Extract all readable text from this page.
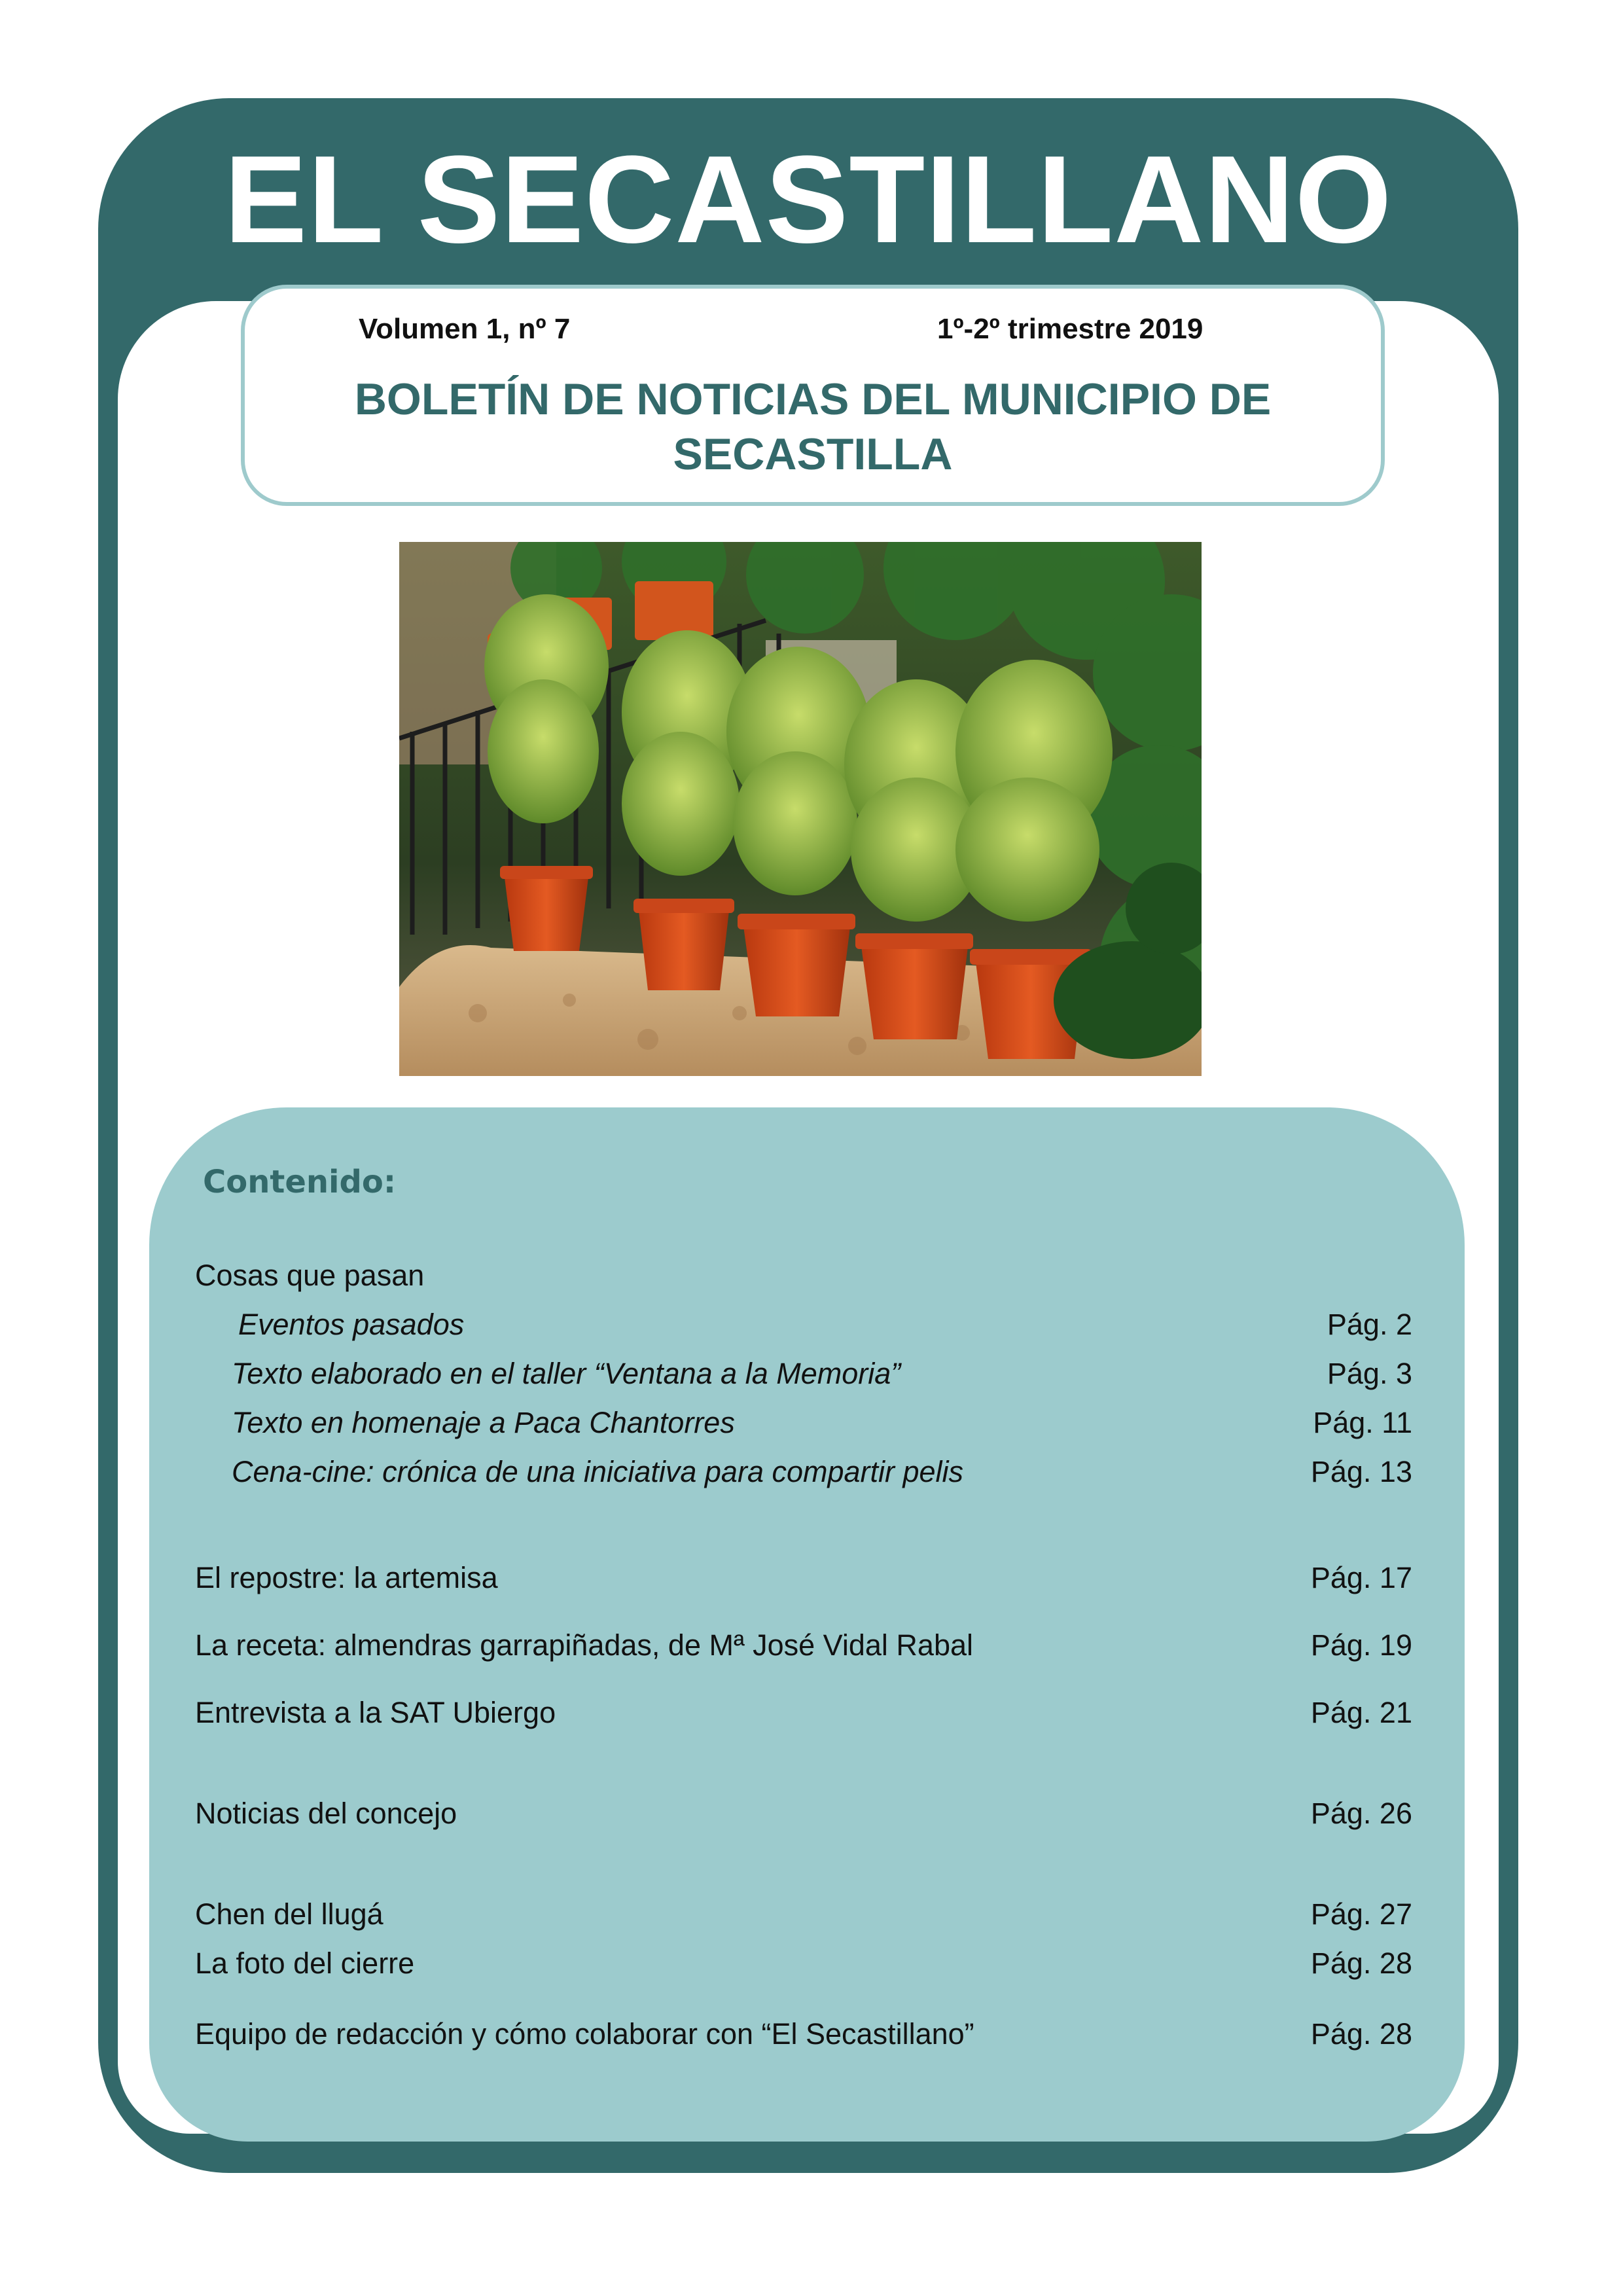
EL SECASTILLANO
Volumen 1, nº 7	1º-2º trimestre 2019
BOLETÍN DE NOTICIAS DEL MUNICIPIO DE
SECASTILLA
Contenido:
Cosas que pasan
Eventos pasados	Pág. 2
Texto elaborado en el taller “Ventana a la Memoria”	Pág. 3
Texto en homenaje a Paca Chantorres	Pág. 11
Cena-cine: crónica de una iniciativa para compartir pelis	Pág. 13
El repostre: la artemisa	Pág. 17
La receta: almendras garrapiñadas, de Mª José Vidal Rabal	Pág. 19
Entrevista a la SAT Ubiergo	Pág. 21
Noticias del concejo	Pág. 26
Chen del llugá	Pág. 27
La foto del cierre	Pág. 28
Equipo de redacción y cómo colaborar con “El Secastillano”	Pág. 28
